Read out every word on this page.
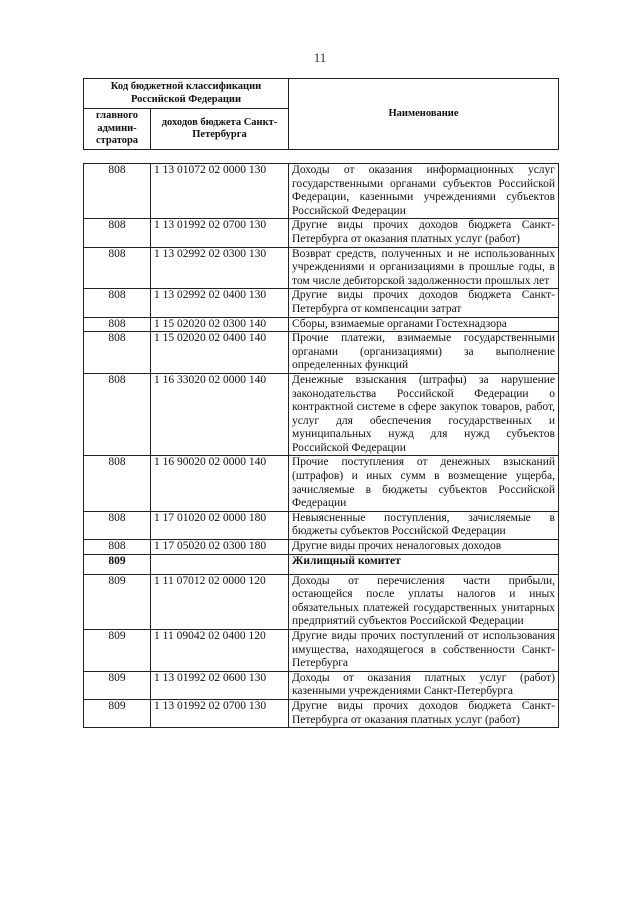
11
Код бюджетной классификации Российской Федерации		Наименование
главного админи-стратора	доходов бюджета Санкт-Петербурга	
808	1 13 01072 02 0000 130	Доходы от оказания информационных услуг государственными органами субъектов Российской Федерации, казенными учреждениями субъектов Российской Федерации
808	1 13 01992 02 0700 130	Другие виды прочих доходов бюджета Санкт-Петербурга от оказания платных услуг (работ)
808	1 13 02992 02 0300 130	Возврат средств, полученных и не использованных учреждениями и организациями в прошлые годы, в том числе дебиторской задолженности прошлых лет
808	1 13 02992 02 0400 130	Другие виды прочих доходов бюджета Санкт-Петербурга от компенсации затрат
808	1 15 02020 02 0300 140	Сборы, взимаемые органами Гостехнадзора
808	1 15 02020 02 0400 140	Прочие платежи, взимаемые государственными органами (организациями) за выполнение определенных функций
808	1 16 33020 02 0000 140	Денежные взыскания (штрафы) за нарушение законодательства Российской Федерации о контрактной системе в сфере закупок товаров, работ, услуг для обеспечения государственных и муниципальных нужд для нужд субъектов Российской Федерации
808	1 16 90020 02 0000 140	Прочие поступления от денежных взысканий (штрафов) и иных сумм в возмещение ущерба, зачисляемые в бюджеты субъектов Российской Федерации
808	1 17 01020 02 0000 180	Невыясненные поступления, зачисляемые в бюджеты субъектов Российской Федерации
808	1 17 05020 02 0300 180	Другие виды прочих неналоговых доходов
809		Жилищный комитет
809	1 11 07012 02 0000 120	Доходы от перечисления части прибыли, остающейся после уплаты налогов и иных обязательных платежей государственных унитарных предприятий субъектов Российской Федерации
809	1 11 09042 02 0400 120	Другие виды прочих поступлений от использования имущества, находящегося в собственности Санкт-Петербурга
809	1 13 01992 02 0600 130	Доходы от оказания платных услуг (работ) казенными учреждениями Санкт-Петербурга
809	1 13 01992 02 0700 130	Другие виды прочих доходов бюджета Санкт-Петербурга от оказания платных услуг (работ)
